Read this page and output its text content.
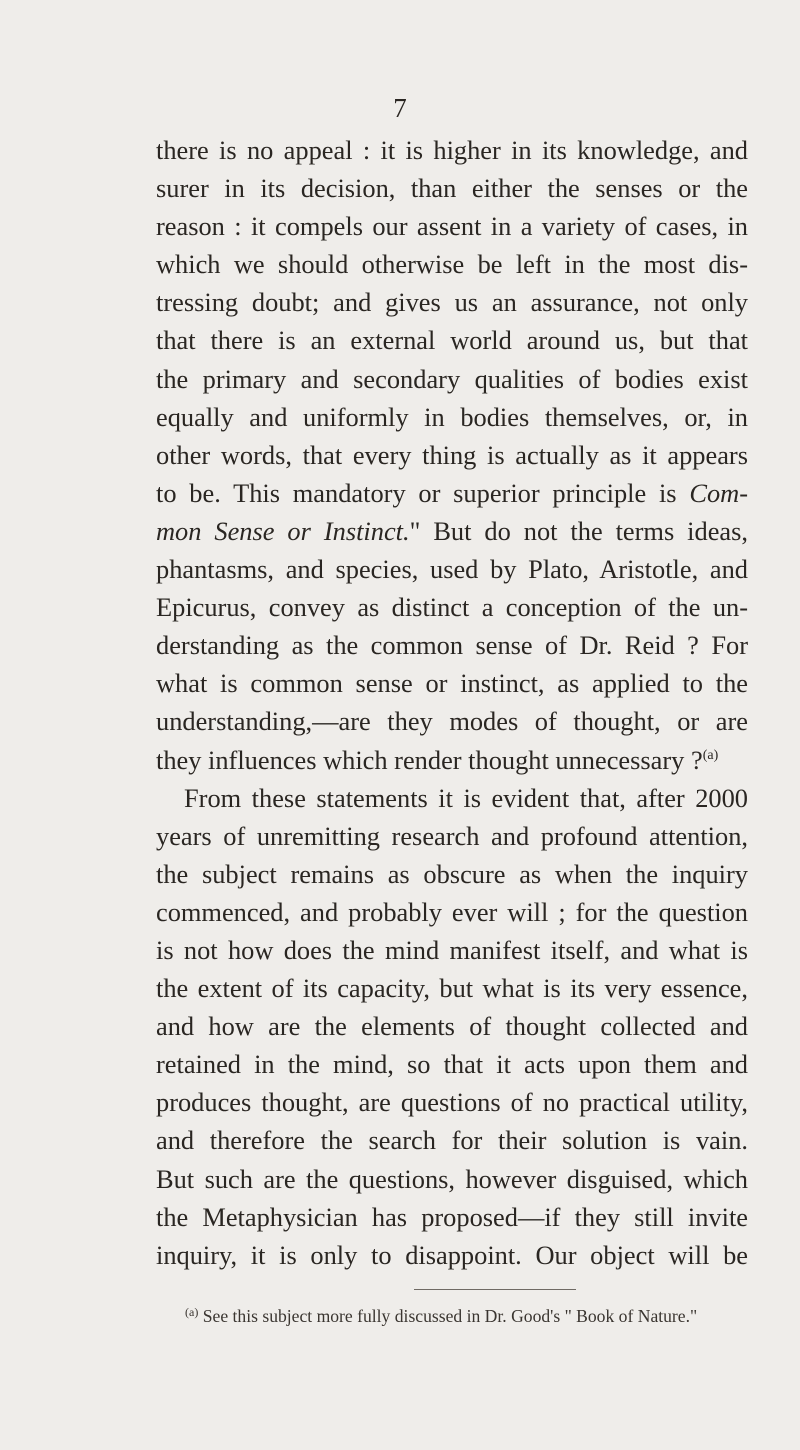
7
there is no appeal : it is higher in its knowledge, and
surer in its decision, than either the senses or the
reason : it compels our assent in a variety of cases, in
which we should otherwise be left in the most dis-
tressing doubt; and gives us an assurance, not only
that there is an external world around us, but that
the primary and secondary qualities of bodies exist
equally and uniformly in bodies themselves, or, in
other words, that every thing is actually as it appears
to be. This mandatory or superior principle is Com-
mon Sense or Instinct." But do not the terms ideas,
phantasms, and species, used by Plato, Aristotle, and
Epicurus, convey as distinct a conception of the un-
derstanding as the common sense of Dr. Reid ? For
what is common sense or instinct, as applied to the
understanding,—are they modes of thought, or are
they influences which render thought unnecessary ?$^{(a)}$
From these statements it is evident that, after 2000
years of unremitting research and profound attention,
the subject remains as obscure as when the inquiry
commenced, and probably ever will ; for the question
is not how does the mind manifest itself, and what is
the extent of its capacity, but what is its very essence,
and how are the elements of thought collected and
retained in the mind, so that it acts upon them and
produces thought, are questions of no practical utility,
and therefore the search for their solution is vain.
But such are the questions, however disguised, which
the Metaphysician has proposed—if they still invite
inquiry, it is only to disappoint. Our object will be
$^{(a)}$ See this subject more fully discussed in Dr. Good's " Book of Nature."
